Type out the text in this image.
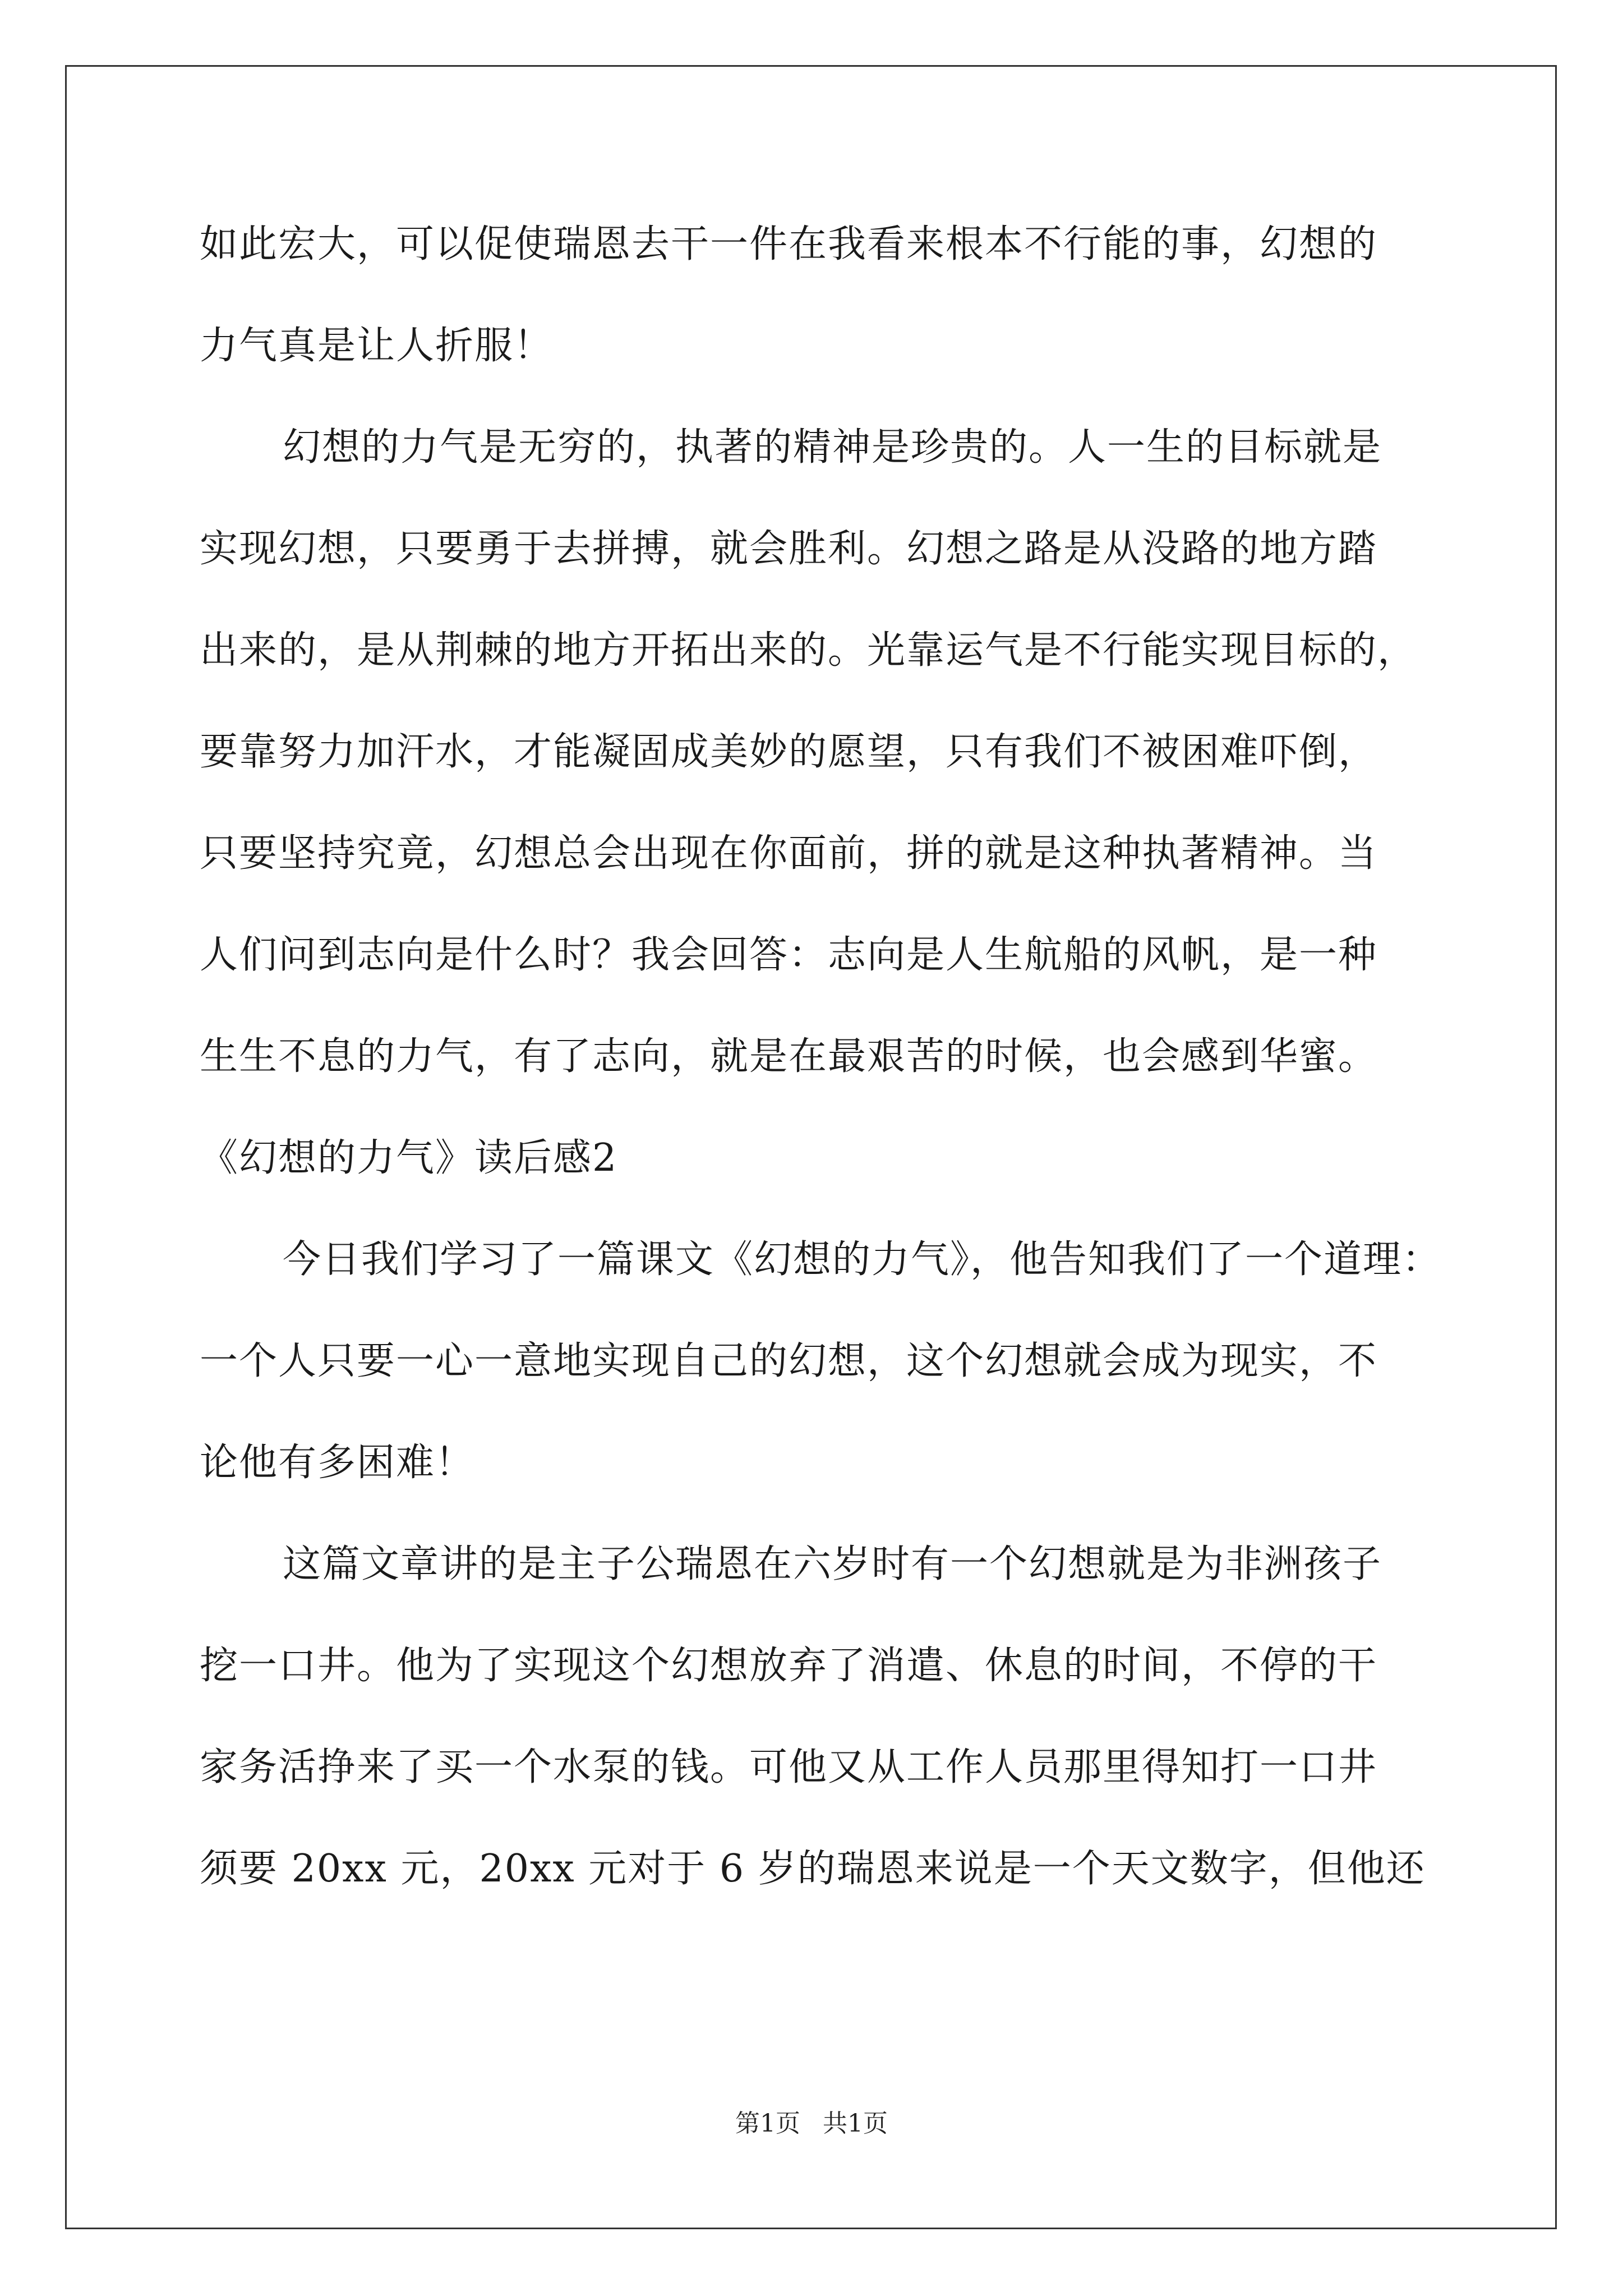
如此宏大，可以促使瑞恩去干一件在我看来根本不行能的事，幻想的
力气真是让人折服！
幻想的力气是无穷的，执著的精神是珍贵的。人一生的目标就是
实现幻想，只要勇于去拼搏，就会胜利。幻想之路是从没路的地方踏
出来的，是从荆棘的地方开拓出来的。光靠运气是不行能实现目标的，
要靠努力加汗水，才能凝固成美妙的愿望，只有我们不被困难吓倒，
只要坚持究竟，幻想总会出现在你面前，拼的就是这种执著精神。当
人们问到志向是什么时？我会回答：志向是人生航船的风帆，是一种
生生不息的力气，有了志向，就是在最艰苦的时候，也会感到华蜜。
《幻想的力气》读后感2
今日我们学习了一篇课文《幻想的力气》，他告知我们了一个道理：
一个人只要一心一意地实现自己的幻想，这个幻想就会成为现实，不
论他有多困难！
这篇文章讲的是主子公瑞恩在六岁时有一个幻想就是为非洲孩子
挖一口井。他为了实现这个幻想放弃了消遣、休息的时间，不停的干
家务活挣来了买一个水泵的钱。可他又从工作人员那里得知打一口井
须要 20xx 元，20xx 元对于 6 岁的瑞恩来说是一个天文数字，但他还
第1页 共1页
